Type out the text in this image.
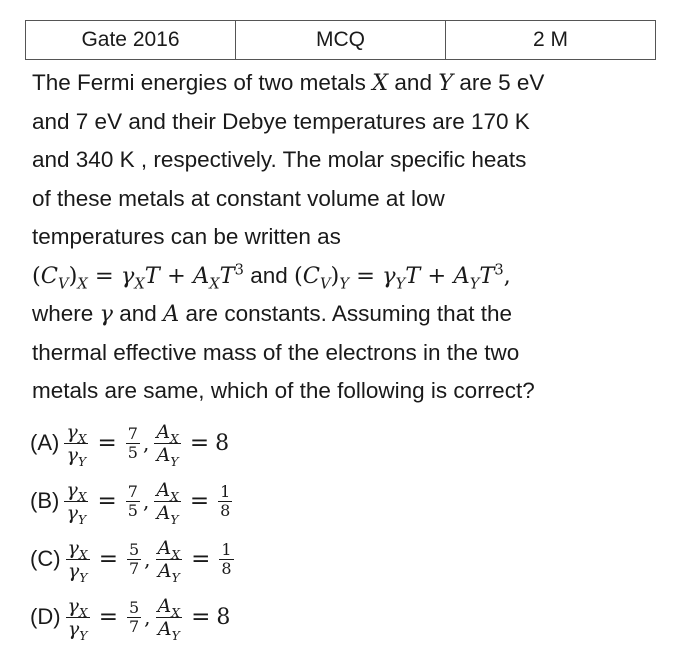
Gate 2016	MCQ	2 M

The Fermi energies of two metals X and Y are 5 eV

and 7 eV and their Debye temperatures are 170 K

and 340 K , respectively. The molar specific heats

of these metals at constant volume at low

temperatures can be written as

$(C_V)_X = \gamma_XT + A_XT^3$ and $(C_V)_Y = \gamma_YT + A_YT^3$,

where γ and A are constants. Assuming that the

thermal effective mass of the electrons in the two

metals are same, which of the following is correct?

$(A) \frac{\gamma_X}{\gamma_Y} = \frac{7}{5}$ , $\frac{A_X}{A_Y} = 8$
$(B) \frac{\gamma_X}{\gamma_Y} = \frac{7}{5}$ , $\frac{A_X}{A_Y} = \frac{1}{8}$
$(C) \frac{\gamma_X}{\gamma_Y} = \frac{5}{7}$ , $\frac{A_X}{A_Y} = \frac{1}{8}$
$(D) \frac{\gamma_X}{\gamma_Y} = \frac{5}{7}$ , $\frac{A_X}{A_Y} = 8$
